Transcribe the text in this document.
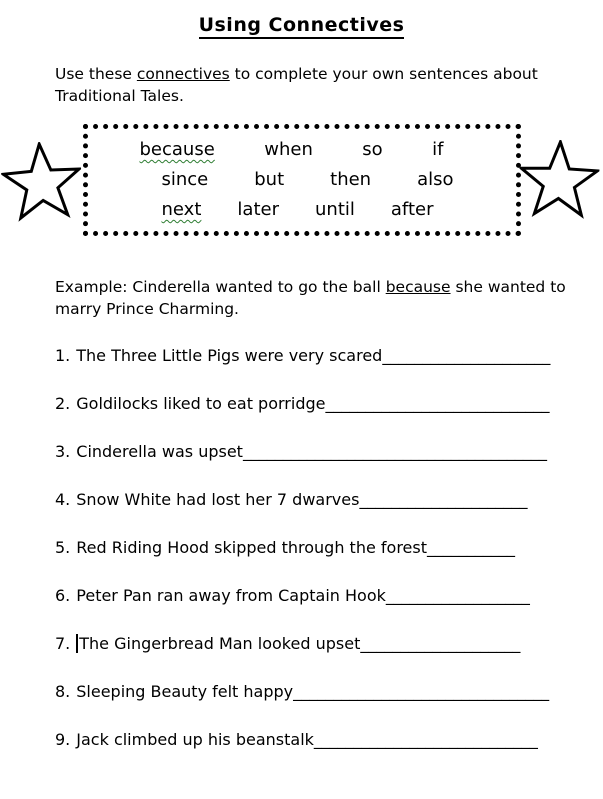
Using Connectives
Use these connectives to complete your own sentences about
Traditional Tales.
because	when	so	if
since	but	then	also
next later until after
Example: Cinderella wanted to go the ball because she wanted to
marry Prince Charming.
1. The Three Little Pigs were very scared_____________________
2. Goldilocks liked to eat porridge____________________________
3. Cinderella was upset______________________________________
4. Snow White had lost her 7 dwarves_____________________
5. Red Riding Hood skipped through the forest___________
6. Peter Pan ran away from Captain Hook__________________
7. The Gingerbread Man looked upset____________________
8. Sleeping Beauty felt happy________________________________
9. Jack climbed up his beanstalk____________________________
